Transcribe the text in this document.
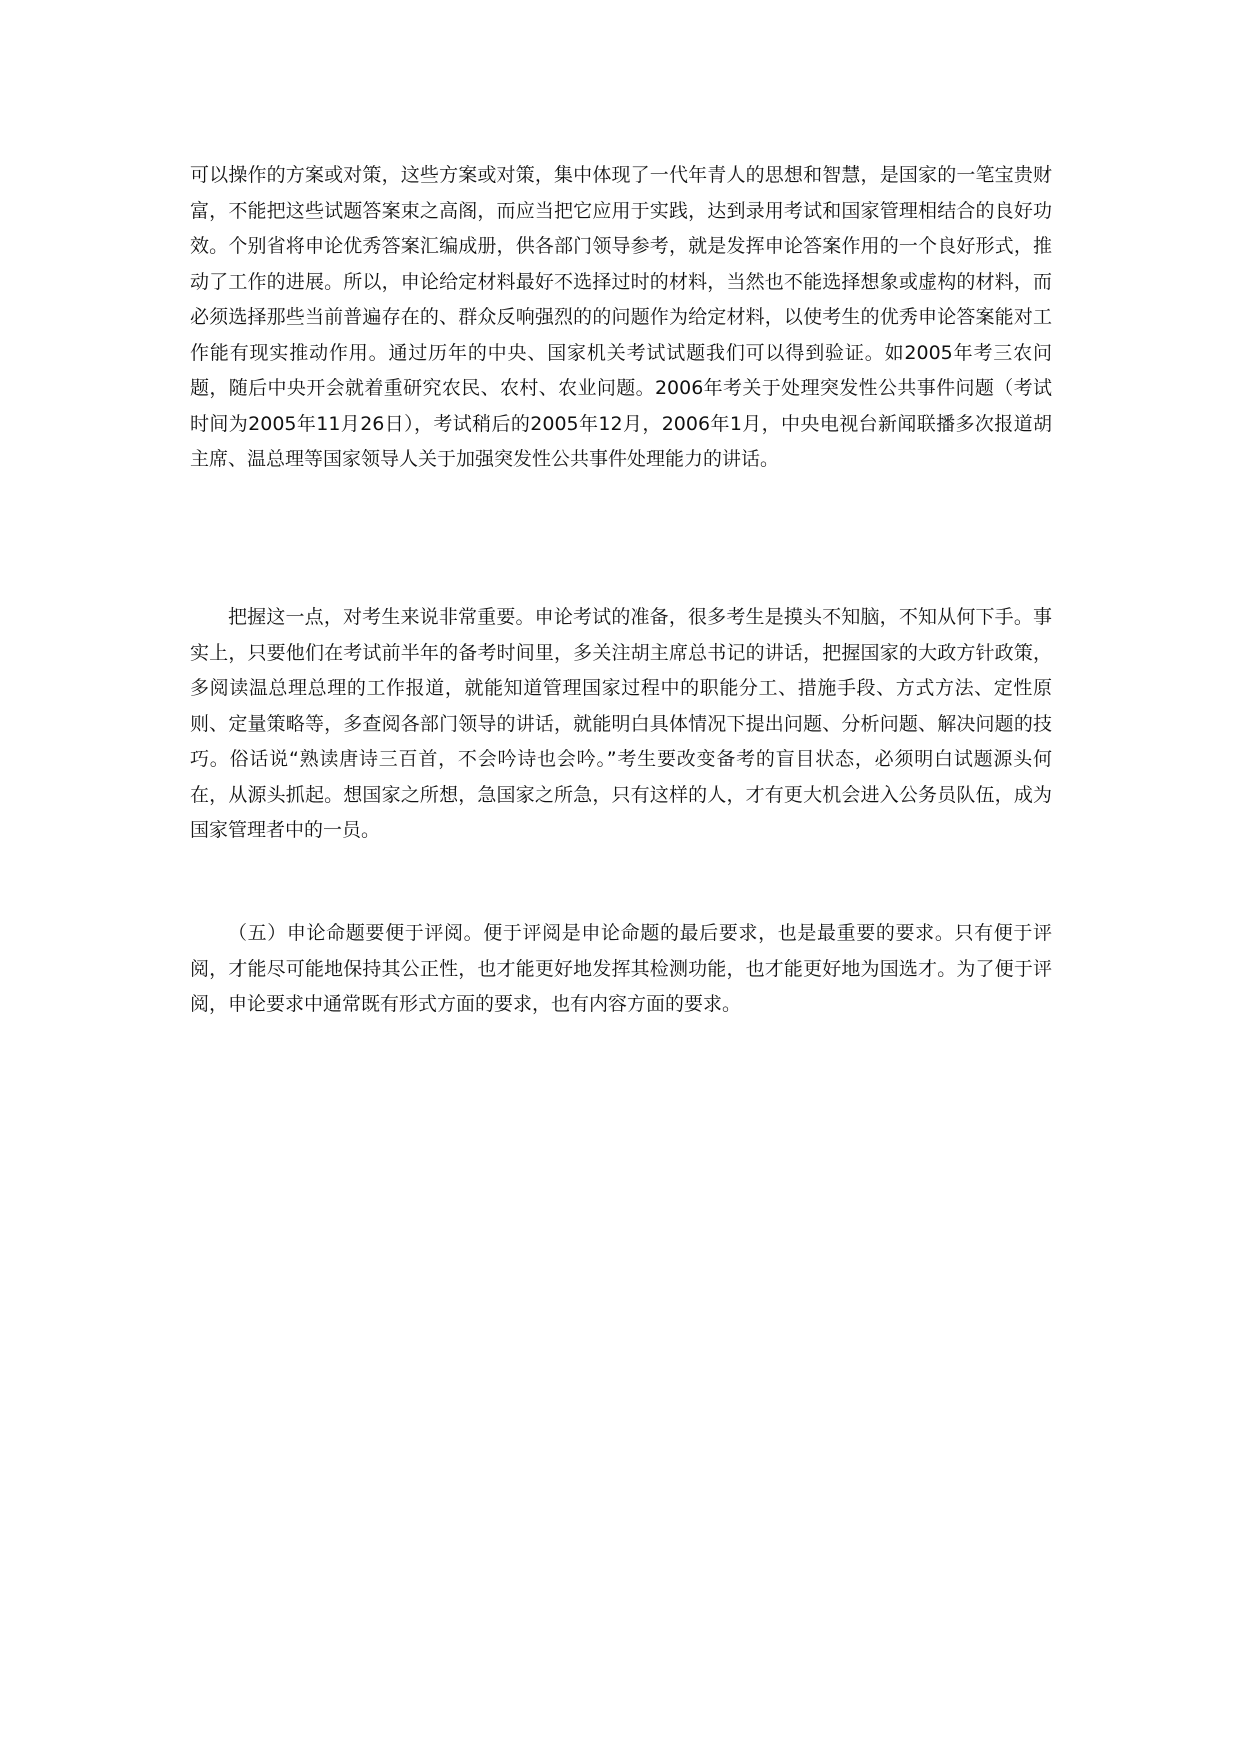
可以操作的方案或对策，这些方案或对策，集中体现了一代年青人的思想和智慧，是国家的一笔宝贵财富，不能把这些试题答案束之高阁，而应当把它应用于实践，达到录用考试和国家管理相结合的良好功效。个别省将申论优秀答案汇编成册，供各部门领导参考，就是发挥申论答案作用的一个良好形式，推动了工作的进展。所以，申论给定材料最好不选择过时的材料，当然也不能选择想象或虚构的材料，而必须选择那些当前普遍存在的、群众反响强烈的的问题作为给定材料，以使考生的优秀申论答案能对工作能有现实推动作用。通过历年的中央、国家机关考试试题我们可以得到验证。如2005年考三农问题，随后中央开会就着重研究农民、农村、农业问题。2006年考关于处理突发性公共事件问题（考试时间为2005年11月26日），考试稍后的2005年12月，2006年1月，中央电视台新闻联播多次报道胡主席、温总理等国家领导人关于加强突发性公共事件处理能力的讲话。

把握这一点，对考生来说非常重要。申论考试的准备，很多考生是摸头不知脑，不知从何下手。事实上，只要他们在考试前半年的备考时间里，多关注胡主席总书记的讲话，把握国家的大政方针政策，多阅读温总理总理的工作报道，就能知道管理国家过程中的职能分工、措施手段、方式方法、定性原则、定量策略等，多查阅各部门领导的讲话，就能明白具体情况下提出问题、分析问题、解决问题的技巧。俗话说“熟读唐诗三百首，不会吟诗也会吟。”考生要改变备考的盲目状态，必须明白试题源头何在，从源头抓起。想国家之所想，急国家之所急，只有这样的人，才有更大机会进入公务员队伍，成为国家管理者中的一员。

（五）申论命题要便于评阅。便于评阅是申论命题的最后要求，也是最重要的要求。只有便于评阅，才能尽可能地保持其公正性，也才能更好地发挥其检测功能，也才能更好地为国选才。为了便于评阅，申论要求中通常既有形式方面的要求，也有内容方面的要求。
